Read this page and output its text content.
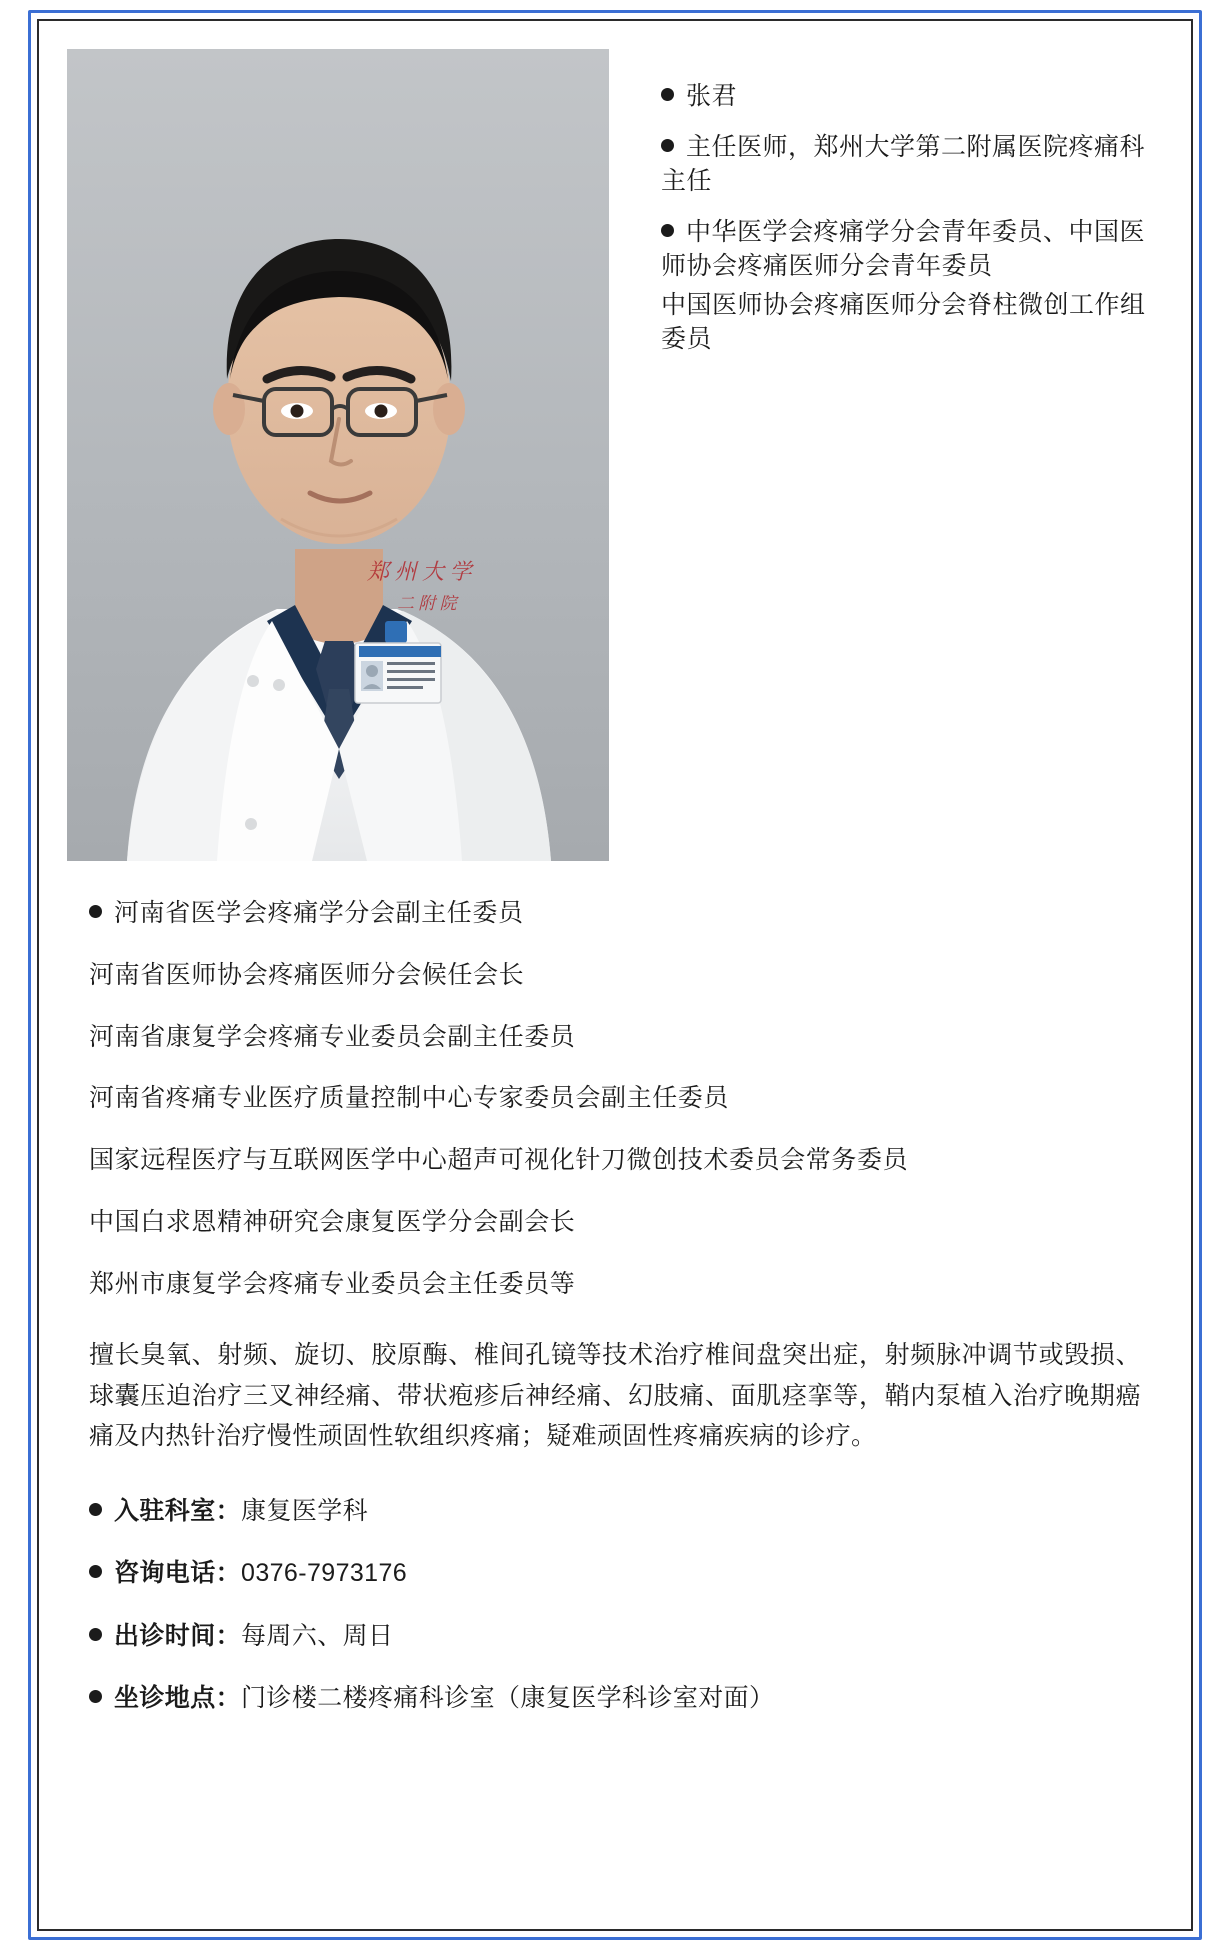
郑 州 大 学
二 附 院
张君
主任医师，郑州大学第二附属医院疼痛科主任
中华医学会疼痛学分会青年委员、中国医师协会疼痛医师分会青年委员
中国医师协会疼痛医师分会脊柱微创工作组委员
河南省医学会疼痛学分会副主任委员
河南省医师协会疼痛医师分会候任会长
河南省康复学会疼痛专业委员会副主任委员
河南省疼痛专业医疗质量控制中心专家委员会副主任委员
国家远程医疗与互联网医学中心超声可视化针刀微创技术委员会常务委员
中国白求恩精神研究会康复医学分会副会长
郑州市康复学会疼痛专业委员会主任委员等
擅长臭氧、射频、旋切、胶原酶、椎间孔镜等技术治疗椎间盘突出症，射频脉冲调节或毁损、球囊压迫治疗三叉神经痛、带状疱疹后神经痛、幻肢痛、面肌痉挛等，鞘内泵植入治疗晚期癌痛及内热针治疗慢性顽固性软组织疼痛；疑难顽固性疼痛疾病的诊疗。
入驻科室：康复医学科
咨询电话：0376-7973176
出诊时间：每周六、周日
坐诊地点：门诊楼二楼疼痛科诊室（康复医学科诊室对面）
